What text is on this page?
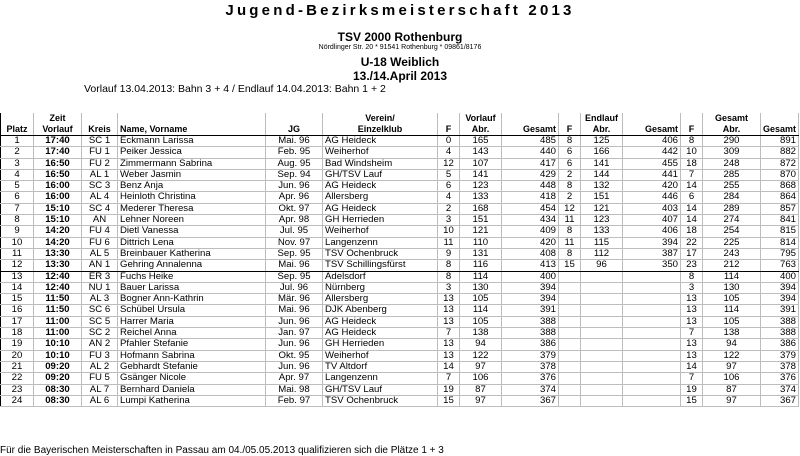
Jugend-Bezirksmeisterschaft 2013
TSV 2000 Rothenburg
Nördlinger Str. 20 * 91541 Rothenburg * 09861/8176
U-18 Weiblich
13./14.April 2013
Vorlauf 13.04.2013: Bahn 3 + 4 / Endlauf 14.04.2013: Bahn 1 + 2
	Zeit				Verein/		Vorlauf			Endlauf			Gesamt	
Platz	Vorlauf	Kreis	Name, Vorname	JG	Einzelklub	F	Abr.	Gesamt	F	Abr.	Gesamt	F	Abr.	Gesamt
1	17:40	SC 1	Eckmann Larissa	Mai. 96	AG Heideck	0	165	485	8	125	406	8	290	891
2	17:40	FÜ 1	Peiker Jessica	Feb. 95	Weiherhof	4	143	440	6	166	442	10	309	882
3	16:50	FÜ 2	Zimmermann Sabrina	Aug. 95	Bad Windsheim	12	107	417	6	141	455	18	248	872
4	16:50	AL 1	Weber Jasmin	Sep. 94	GH/TSV Lauf	5	141	429	2	144	441	7	285	870
5	16:00	SC 3	Benz Anja	Jun. 96	AG Heideck	6	123	448	8	132	420	14	255	868
6	16:00	AL 4	Heinloth Christina	Apr. 96	Allersberg	4	133	418	2	151	446	6	284	864
7	15:10	SC 4	Mederer Theresa	Okt. 97	AG Heideck	2	168	454	12	121	403	14	289	857
8	15:10	AN	Lehner Noreen	Apr. 98	GH Herrieden	3	151	434	11	123	407	14	274	841
9	14:20	FÜ 4	Dietl Vanessa	Jul. 95	Weiherhof	10	121	409	8	133	406	18	254	815
10	14:20	FÜ 6	Dittrich Lena	Nov. 97	Langenzenn	11	110	420	11	115	394	22	225	814
11	13:30	AL 5	Breinbauer Katherina	Sep. 95	TSV Ochenbruck	9	131	408	8	112	387	17	243	795
12	13:30	AN 1	Gehring Annalenna	Mai. 96	TSV Schillingsfürst	8	116	413	15	96	350	23	212	763
13	12:40	ER 3	Fuchs Heike	Sep. 95	Adelsdorf	8	114	400				8	114	400
14	12:40	NÜ 1	Bauer Larissa	Jul. 96	Nürnberg	3	130	394				3	130	394
15	11:50	AL 3	Bogner Ann-Kathrin	Mär. 96	Allersberg	13	105	394				13	105	394
16	11:50	SC 6	Schübel Ursula	Mai. 96	DJK Abenberg	13	114	391				13	114	391
17	11:00	SC 5	Harrer Maria	Jun. 96	AG Heideck	13	105	388				13	105	388
18	11:00	SC 2	Reichel Anna	Jan. 97	AG Heideck	7	138	388				7	138	388
19	10:10	AN 2	Pfahler Stefanie	Jun. 96	GH Herrieden	13	94	386				13	94	386
20	10:10	FÜ 3	Hofmann Sabrina	Okt. 95	Weiherhof	13	122	379				13	122	379
21	09:20	AL 2	Gebhardt Stefanie	Jun. 96	TV Altdorf	14	97	378				14	97	378
22	09:20	FÜ 5	Gsänger Nicole	Apr. 97	Langenzenn	7	106	376				7	106	376
23	08:30	AL 7	Bernhard Daniela	Mai. 98	GH/TSV Lauf	19	87	374				19	87	374
24	08:30	AL 6	Lumpi Katherina	Feb. 97	TSV Ochenbruck	15	97	367				15	97	367
Für die Bayerischen Meisterschaften in Passau am 04./05.05.2013 qualifizieren sich die Plätze 1 + 3
